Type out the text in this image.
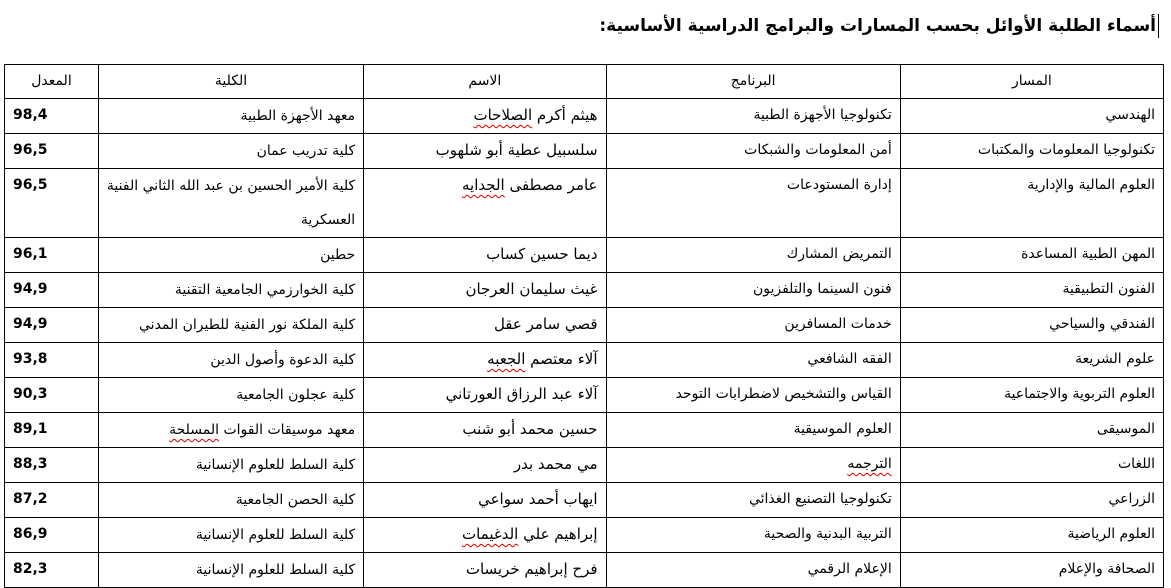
أسماء الطلبة الأوائل بحسب المسارات والبرامج الدراسية الأساسية:
المسار	البرنامج	الاسم	الكلية	المعدل
الهندسي	تكنولوجيا الأجهزة الطبية	هيثم أكرم الصلاحات	معهد الأجهزة الطبية	98,4
تكنولوجيا المعلومات والمكتبات	أمن المعلومات والشبكات	سلسبيل عطية أبو شلهوب	كلية تدريب عمان	96,5
العلوم المالية والإدارية	إدارة المستودعات	عامر مصطفى الجدايه	كلية الأمير الحسين بن عبد الله الثاني الفنية العسكرية	96,5
المهن الطبية المساعدة	التمريض المشارك	ديما حسين كساب	حطين	96,1
الفنون التطبيقية	فنون السينما والتلفزيون	غيث سليمان العرجان	كلية الخوارزمي الجامعية التقنية	94,9
الفندقي والسياحي	خدمات المسافرين	قصي سامر عقل	كلية الملكة نور الفنية للطيران المدني	94,9
علوم الشريعة	الفقه الشافعي	آلاء معتصم الجعبه	كلية الدعوة وأصول الدين	93,8
العلوم التربوية والاجتماعية	القياس والتشخيص لاضطرابات التوحد	آلاء عبد الرزاق العورتاني	كلية عجلون الجامعية	90,3
الموسيقى	العلوم الموسيقية	حسين محمد أبو شنب	معهد موسيقات القوات المسلحة	89,1
اللغات	الترجمه	مي محمد بدر	كلية السلط للعلوم الإنسانية	88,3
الزراعي	تكنولوجيا التصنيع الغذائي	ايهاب أحمد سواعي	كلية الحصن الجامعية	87,2
العلوم الرياضية	التربية البدنية والصحية	إبراهيم علي الدغيمات	كلية السلط للعلوم الإنسانية	86,9
الصحافة والإعلام	الإعلام الرقمي	فرح إبراهيم خريسات	كلية السلط للعلوم الإنسانية	82,3
